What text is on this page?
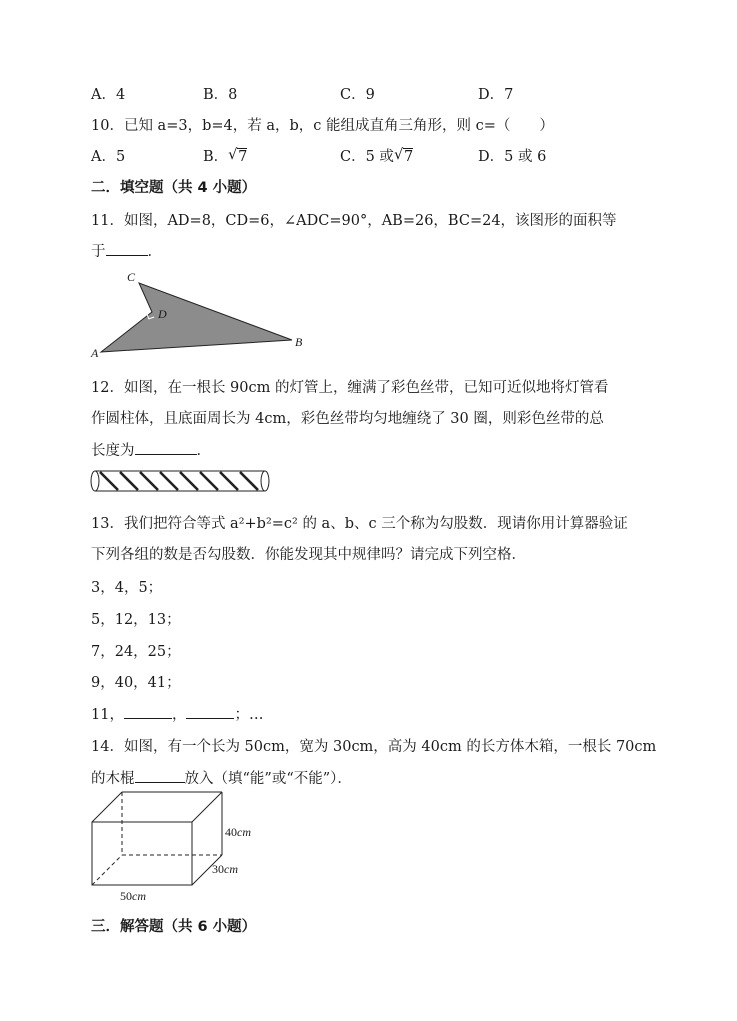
A．4	B．8	C．9	D．7
10．已知 a=3，b=4，若 a，b，c 能组成直角三角形，则 c=（　　）
A．5	B． √ 7	C．5 或 √ 7	D．5 或 6
二．填空题（共 4 小题）
11．如图，AD=8，CD=6，∠ADC=90°，AB=26，BC=24，该图形的面积等
于	．
C
D
A
B
12．如图，在一根长 90cm 的灯管上，缠满了彩色丝带，已知可近似地将灯管看
作圆柱体，且底面周长为 4cm，彩色丝带均匀地缠绕了 30 圈，则彩色丝带的总
长度为	．
13．我们把符合等式 a²+b²=c² 的 a、b、c 三个称为勾股数．现请你用计算器验证
下列各组的数是否勾股数．你能发现其中规律吗？请完成下列空格．
3，4，5；
5，12，13；
7，24，25；
9，40，41；
11，	，	；…
14．如图，有一个长为 50cm，宽为 30cm，高为 40cm 的长方体木箱，一根长 70cm
的木棍	放入（填“能”或“不能”）．
40cm
30cm
50cm
三．解答题（共 6 小题）
